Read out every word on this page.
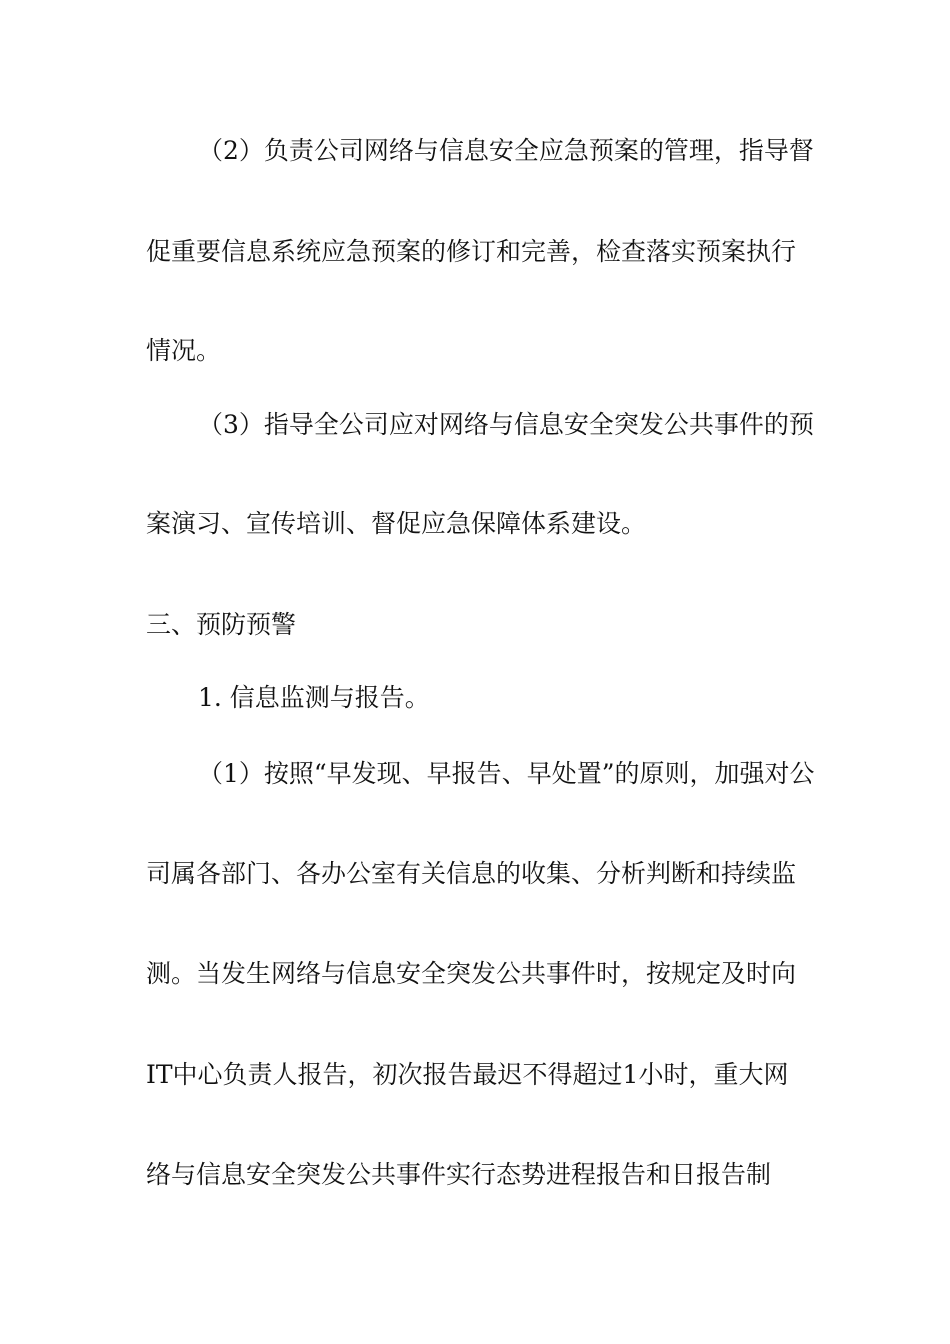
（2）负责公司网络与信息安全应急预案的管理，指导督
促重要信息系统应急预案的修订和完善，检查落实预案执行
情况。
（3）指导全公司应对网络与信息安全突发公共事件的预
案演习、宣传培训、督促应急保障体系建设。
三、预防预警
1. 信息监测与报告。
（1）按照“早发现、早报告、早处置”的原则，加强对公
司属各部门、各办公室有关信息的收集、分析判断和持续监
测。当发生网络与信息安全突发公共事件时，按规定及时向
IT中心负责人报告，初次报告最迟不得超过1小时，重大网
络与信息安全突发公共事件实行态势进程报告和日报告制
